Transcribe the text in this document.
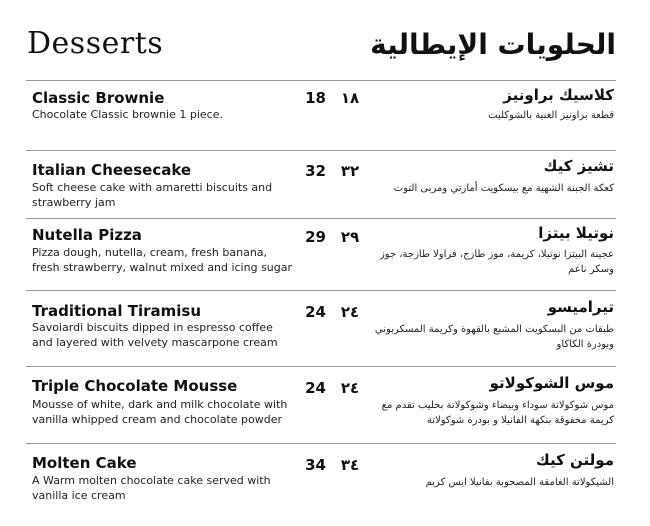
Desserts	الحلويات الإيطالية
Classic Brownie
Chocolate Classic brownie 1 piece.
18 ١٨	كلاسيك براونيز
قطعة براونيز الغنية بالشوكليت
Italian Cheesecake
Soft cheese cake with amaretti biscuits and strawberry jam
32 ٣٢	تشيز كيك
كعكة الجبنة الشهية مع بيسكويت أمارتي ومربى التوت
Nutella Pizza
Pizza dough, nutella, cream, fresh banana, fresh strawberry, walnut mixed and icing sugar
29 ٢٩	نوتيلا بيتزا
عجينة البيتزا نوتيلا، كريمة، موز طازج، فراولا طازجة، جوز وسكر ناعم
Traditional Tiramisu
Savoiardi biscuits dipped in espresso coffee and layered with velvety mascarpone cream
24 ٢٤	تيراميسو
طبقات من البسكويت المشبع بالقهوة وكريمة المسكربوني وبودرة الكاكاو
Triple Chocolate Mousse
Mousse of white, dark and milk chocolate with vanilla whipped cream and chocolate powder
24 ٢٤	موس الشوكولاتو
موس شوكولاتة سوداء وبيضاء وشوكولاتة بحليب تقدم مع كريمة مخفوقة بنكهة الفانيلا و بودرة شوكولاتة
Molten Cake
A Warm molten chocolate cake served with vanilla ice cream
34 ٣٤	مولتن كيك
الشيكولاتة الغامقة المصحوبة بفانيلا ايس كريم
